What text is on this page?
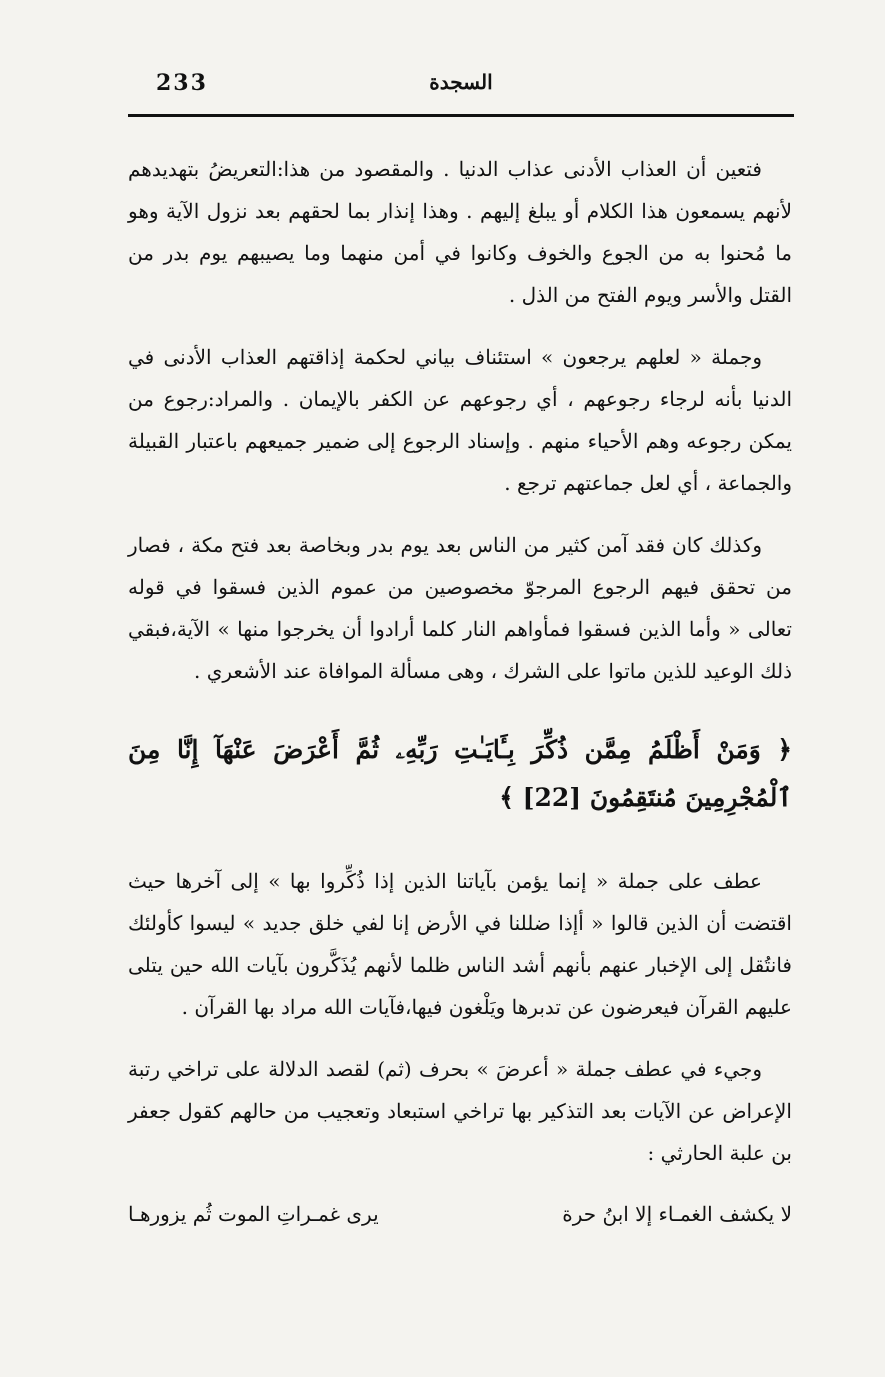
233	السجدة

فتعين أن العذاب الأدنى عذاب الدنيا . والمقصود من هذا:التعريضُ بتهديدهم لأنهم يسمعون هذا الكلام أو يبلغ إليهم . وهذا إنذار بما لحقهم بعد نزول الآية وهو ما مُحنوا به من الجوع والخوف وكانوا في أمن منهما وما يصيبهم يوم بدر من القتل والأسر ويوم الفتح من الذل .

وجملة « لعلهم يرجعون » استئناف بياني لحكمة إذاقتهم العذاب الأدنى في الدنيا بأنه لرجاء رجوعهم ، أي رجوعهم عن الكفر بالإيمان . والمراد:رجوع من يمكن رجوعه وهم الأحياء منهم . وإسناد الرجوع إلى ضمير جميعهم باعتبار القبيلة والجماعة ، أي لعل جماعتهم ترجع .

وكذلك كان فقد آمن كثير من الناس بعد يوم بدر وبخاصة بعد فتح مكة ، فصار من تحقق فيهم الرجوع المرجوّ مخصوصين من عموم الذين فسقوا في قوله تعالى « وأما الذين فسقوا فمأواهم النار كلما أرادوا أن يخرجوا منها » الآية،فبقي ذلك الوعيد للذين ماتوا على الشرك ، وهى مسألة الموافاة عند الأشعري .

﴿ وَمَنْ أَظْلَمُ مِمَّن ذُكِّرَ بِـَٔايَـٰتِ رَبِّهِۦ ثُمَّ أَعْرَضَ عَنْهَآ إِنَّا مِنَ ٱلْمُجْرِمِينَ مُنتَقِمُونَ [22] ﴾

عطف على جملة « إنما يؤمن بآياتنا الذين إذا ذُكِّروا بها » إلى آخرها حيث اقتضت أن الذين قالوا « أإذا ضللنا في الأرض إنا لفي خلق جديد » ليسوا كأولئك فانتُقل إلى الإخبار عنهم بأنهم أشد الناس ظلما لأنهم يُذَكَّرون بآيات الله حين يتلى عليهم القرآن فيعرضون عن تدبرها ويَلْغون فيها،فآيات الله مراد بها القرآن .

وجيء في عطف جملة « أعرضَ » بحرف (ثم) لقصد الدلالة على تراخي رتبة الإعراض عن الآيات بعد التذكير بها تراخي استبعاد وتعجيب من حالهم كقول جعفر بن علبة الحارثي :

لا يكشف الغمـاء إلا ابنُ حرة
يرى غمـراتِ الموت ثُم يزورهـا
